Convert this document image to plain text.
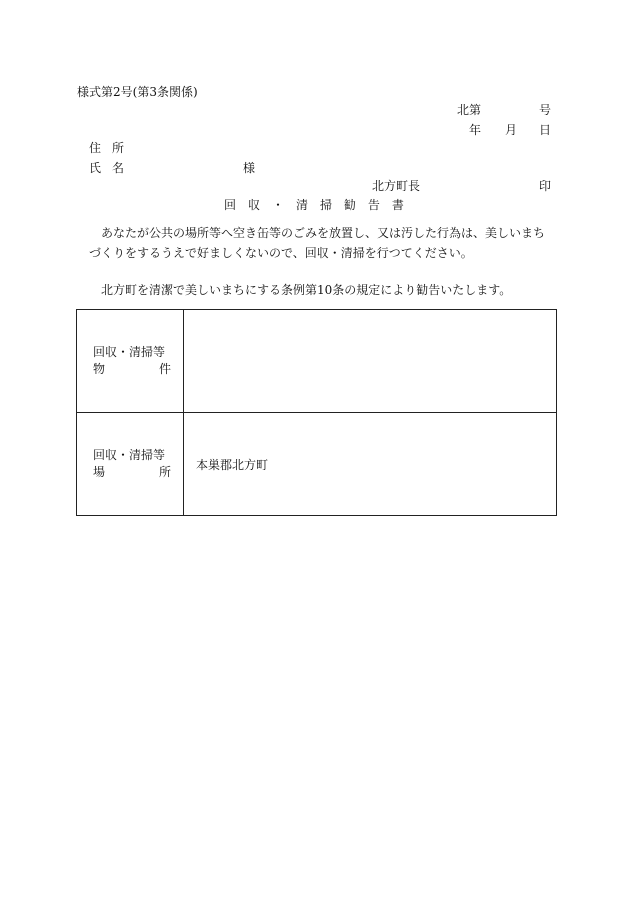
様式第2号(第3条関係)
北第	号
年 月 日
住 所
氏 名	様
北方町長	印
回 収 ・ 清 掃 勧 告 書
あなたが公共の場所等へ空き缶等のごみを放置し、又は汚した行為は、美しいまち
づくりをするうえで好ましくないので、回収・清掃を行つてください。
北方町を清潔で美しいまちにする条例第10条の規定により勧告いたします。
回収・清掃等
物 件	

回収・清掃等
場 所	本巣郡北方町
